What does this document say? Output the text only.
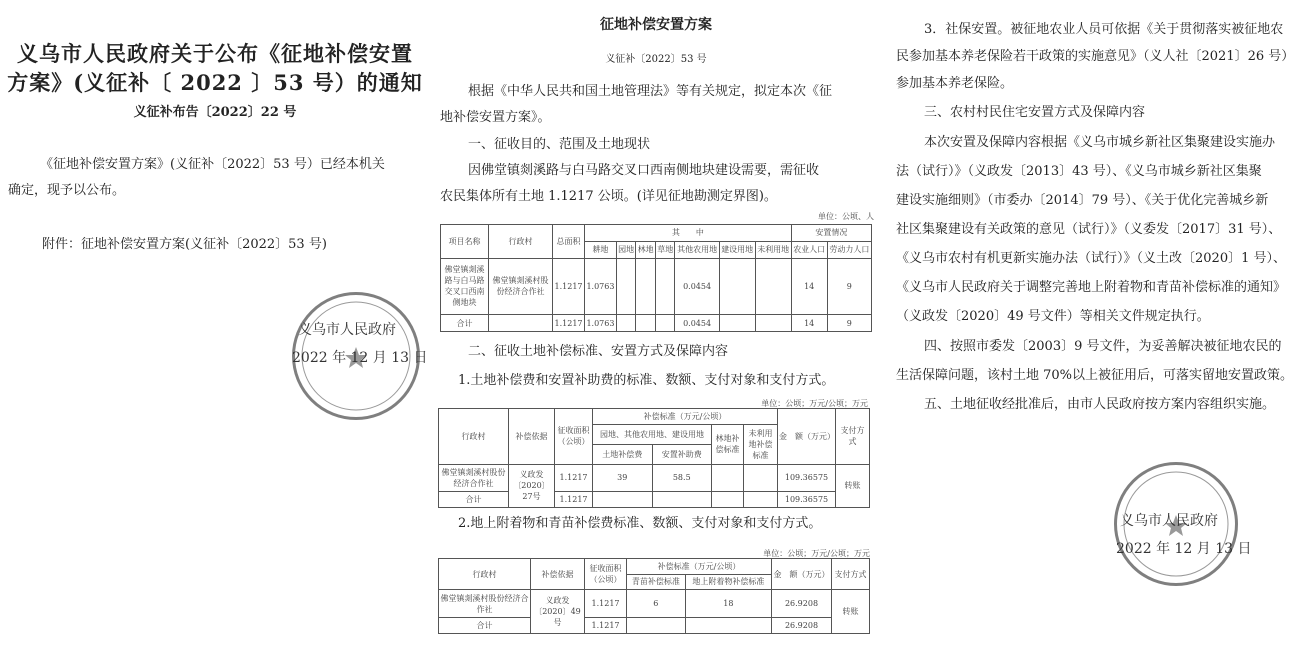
义乌市人民政府关于公布《征地补偿安置
方案》(义征补〔 2022 〕53 号）的通知
义征补布告〔2022〕22 号
《征地补偿安置方案》(义征补〔2022〕53 号）已经本机关
确定，现予以公布。
附件：征地补偿安置方案(义征补〔2022〕53 号)
义乌市人民政府
2022 年 12 月 13 日
征地补偿安置方案
义征补〔2022〕53 号
根据《中华人民共和国土地管理法》等有关规定，拟定本次《征
地补偿安置方案》。
一、征收目的、范围及土地现状
因佛堂镇剡溪路与白马路交叉口西南侧地块建设需要，需征收
农民集体所有土地 1.1217 公顷。(详见征地勘测定界图)。
单位：公顷、人
项目名称	行政村	总面积	其　　中							安置情况	
			耕地	园地	林地	草地	其他农用地	建设用地	未利用地	农业人口	劳动力人口
佛堂镇剡溪路与白马路交叉口西南侧地块	佛堂镇剡溪村股份经济合作社	1.1217	1.0763				0.0454			14	9
合计		1.1217	1.0763				0.0454			14	9
二、征收土地补偿标准、安置方式及保障内容
1.土地补偿费和安置补助费的标准、数额、支付对象和支付方式。
单位：公顷；万元/公顷；万元
行政村	补偿依据	征收面积（公顷）	补偿标准（万元/公顷）				金　额（万元）	支付方式
			园地、其他农用地、建设用地		林地补偿标准	未利用地补偿标准		
			土地补偿费	安置补助费				
佛堂镇剡溪村股份经济合作社	义政发〔2020〕27号	1.1217	39	58.5			109.36575	转账
合计		1.1217					109.36575	
2.地上附着物和青苗补偿费标准、数额、支付对象和支付方式。
单位：公顷；万元/公顷；万元
行政村	补偿依据	征收面积（公顷）	补偿标准（万元/公顷）		金　额（万元）	支付方式
			青苗补偿标准	地上附着物补偿标准		
佛堂镇剡溪村股份经济合作社	义政发〔2020〕49号	1.1217	6	18	26.9208	转账
合计		1.1217			26.9208	
3．社保安置。被征地农业人员可依据《关于贯彻落实被征地农
民参加基本养老保险若干政策的实施意见》（义人社〔2021〕26 号）
参加基本养老保险。
三、农村村民住宅安置方式及保障内容
本次安置及保障内容根据《义乌市城乡新社区集聚建设实施办
法（试行）》（义政发〔2013〕43 号）、《义乌市城乡新社区集聚
建设实施细则》（市委办〔2014〕79 号）、《关于优化完善城乡新
社区集聚建设有关政策的意见（试行）》（义委发〔2017〕31 号）、
《义乌市农村有机更新实施办法（试行）》（义土改〔2020〕1 号）、
《义乌市人民政府关于调整完善地上附着物和青苗补偿标准的通知》
（义政发〔2020〕49 号文件）等相关文件规定执行。
四、按照市委发〔2003〕9 号文件，为妥善解决被征地农民的
生活保障问题，该村土地 70%以上被征用后，可落实留地安置政策。
五、土地征收经批准后，由市人民政府按方案内容组织实施。
义乌市人民政府
2022 年 12 月 13 日
